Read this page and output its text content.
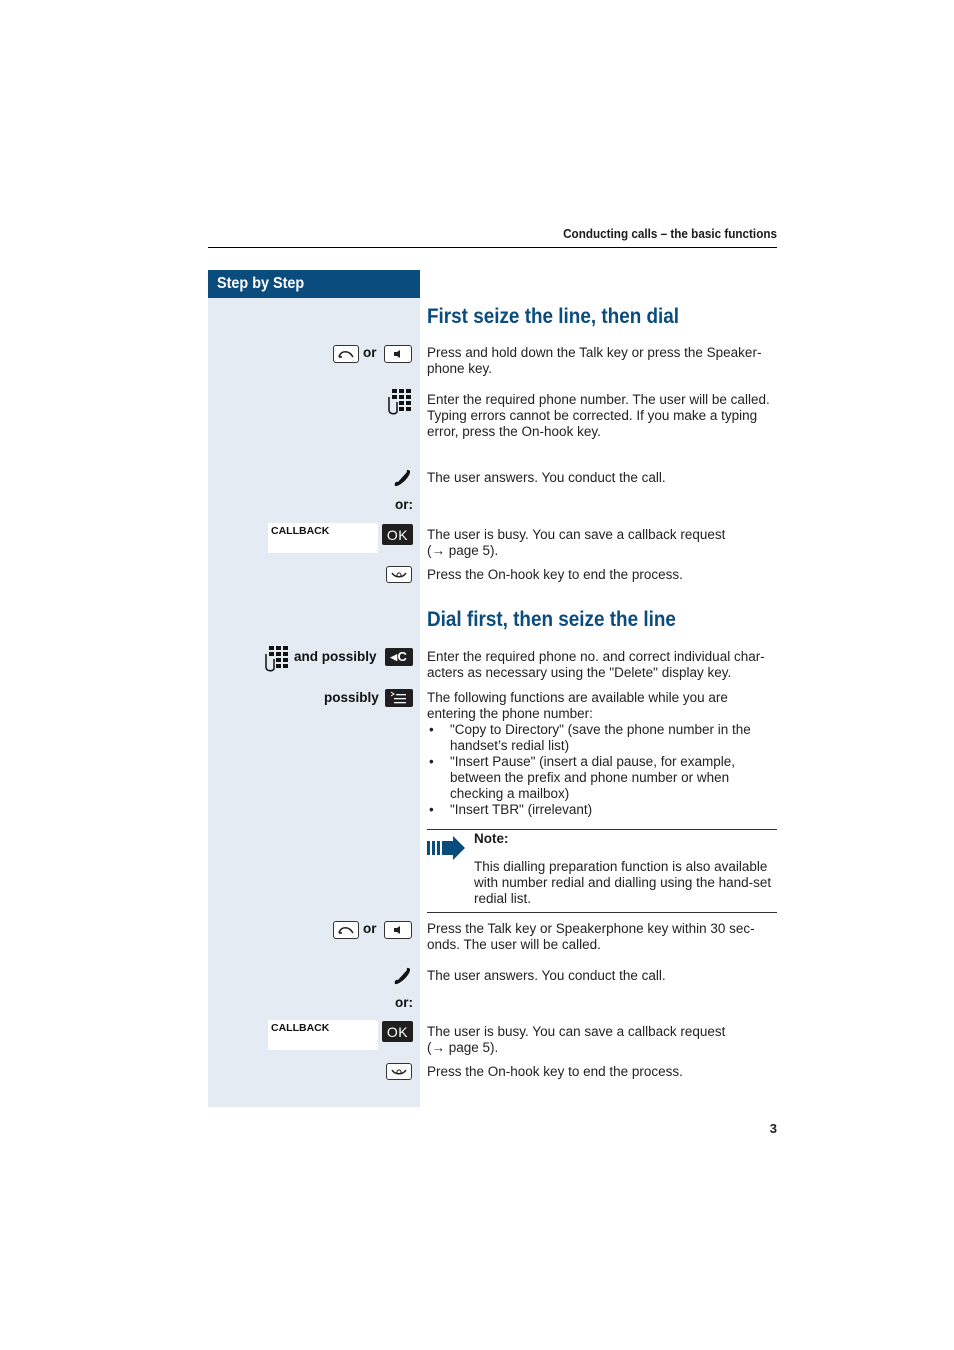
Conducting calls – the basic functions
Step by Step
First seize the line, then dial
or	Press and hold down the Talk key or press the Speaker-phone key.

Enter the required phone number. The user will be called.

Typing errors cannot be corrected. If you make a typing error, press the On-hook key.

The user answers. You conduct the call.
or:
CALLBACK	OK	The user is busy. You can save a callback request

(→ page 5).

Press the On-hook key to end the process.
Dial first, then seize the line
and possibly	◂C	Enter the required phone no. and correct individual char-acters as necessary using the "Delete" display key.
possibly	The following functions are available while you are entering the phone number:

• "Copy to Directory" (save the phone number in the handset’s redial list)
• "Insert Pause" (insert a dial pause, for example, between the prefix and phone number or when checking a mailbox)
• "Insert TBR" (irrelevant)
Note:
This dialling preparation function is also available with number redial and dialling using the hand-set redial list.
or	Press the Talk key or Speakerphone key within 30 sec-onds. The user will be called.
The user answers. You conduct the call.
or:
CALLBACK	OK	The user is busy. You can save a callback request

(→ page 5).

Press the On-hook key to end the process.
3
